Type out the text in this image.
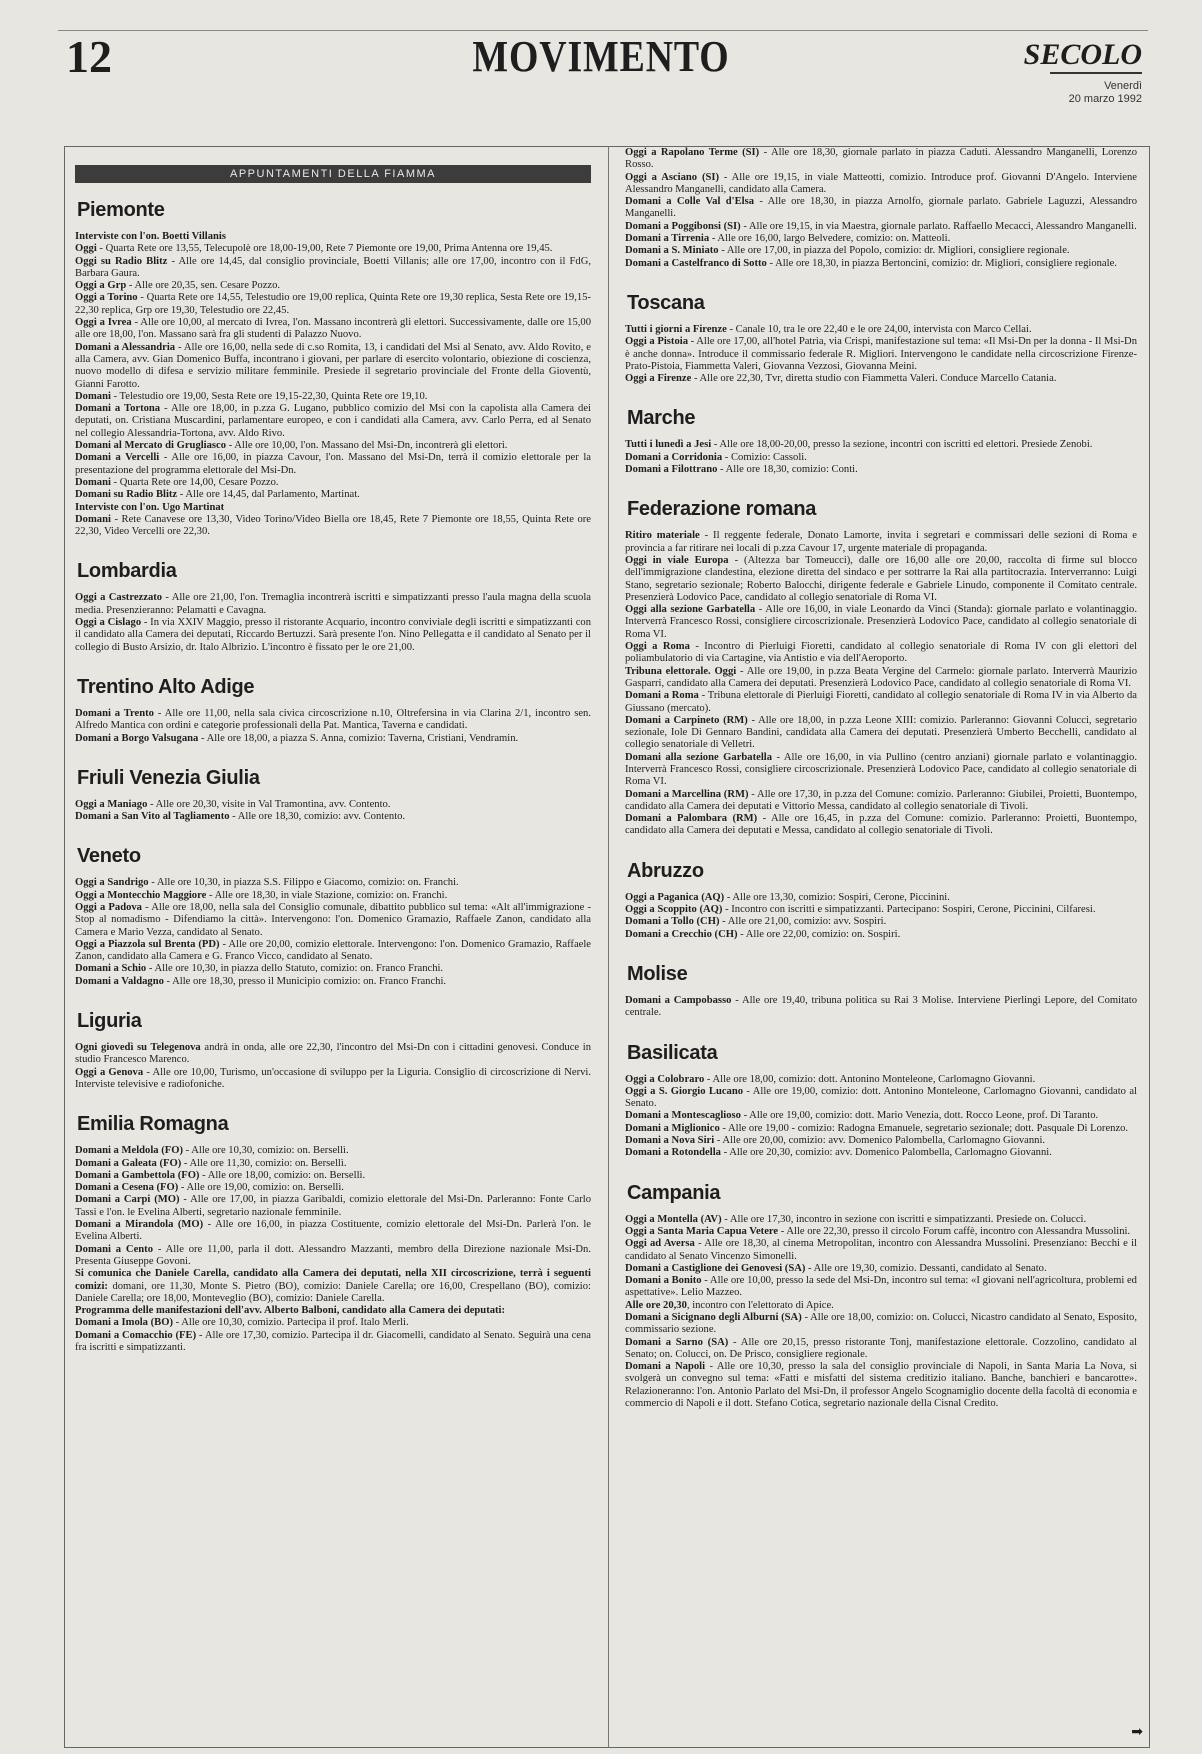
12	MOVIMENTO	SECOLO
Venerdì
20 marzo 1992
APPUNTAMENTI DELLA FIAMMA
Piemonte

Interviste con l'on. Boetti Villanis

Oggi - Quarta Rete ore 13,55, Telecupolè ore 18,00-19,00, Rete 7 Piemonte ore 19,00, Prima Antenna ore 19,45.

Oggi su Radio Blitz - Alle ore 14,45, dal consiglio provinciale, Boetti Villanis; alle ore 17,00, incontro con il FdG, Barbara Gaura.

Oggi a Grp - Alle ore 20,35, sen. Cesare Pozzo.

Oggi a Torino - Quarta Rete ore 14,55, Telestudio ore 19,00 replica, Quinta Rete ore 19,30 replica, Sesta Rete ore 19,15-22,30 replica, Grp ore 19,30, Telestudio ore 22,45.

Oggi a Ivrea - Alle ore 10,00, al mercato di Ivrea, l'on. Massano incontrerà gli elettori. Successivamente, dalle ore 15,00 alle ore 18,00, l'on. Massano sarà fra gli studenti di Palazzo Nuovo.

Domani a Alessandria - Alle ore 16,00, nella sede di c.so Romita, 13, i candidati del Msi al Senato, avv. Aldo Rovito, e alla Camera, avv. Gian Domenico Buffa, incontrano i giovani, per parlare di esercito volontario, obiezione di coscienza, nuovo modello di difesa e servizio militare femminile. Presiede il segretario provinciale del Fronte della Gioventù, Gianni Farotto.

Domani - Telestudio ore 19,00, Sesta Rete ore 19,15-22,30, Quinta Rete ore 19,10.

Domani a Tortona - Alle ore 18,00, in p.zza G. Lugano, pubblico comizio del Msi con la capolista alla Camera dei deputati, on. Cristiana Muscardini, parlamentare europeo, e con i candidati alla Camera, avv. Carlo Perra, ed al Senato nel collegio Alessandria-Tortona, avv. Aldo Rivo.

Domani al Mercato di Grugliasco - Alle ore 10,00, l'on. Massano del Msi-Dn, incontrerà gli elettori.

Domani a Vercelli - Alle ore 16,00, in piazza Cavour, l'on. Massano del Msi-Dn, terrà il comizio elettorale per la presentazione del programma elettorale del Msi-Dn.

Domani - Quarta Rete ore 14,00, Cesare Pozzo.

Domani su Radio Blitz - Alle ore 14,45, dal Parlamento, Martinat.

Interviste con l'on. Ugo Martinat

Domani - Rete Canavese ore 13,30, Video Torino/Video Biella ore 18,45, Rete 7 Piemonte ore 18,55, Quinta Rete ore 22,30, Video Vercelli ore 22,30.

Lombardia

Oggi a Castrezzato - Alle ore 21,00, l'on. Tremaglia incontrerà iscritti e simpatizzanti presso l'aula magna della scuola media. Presenzieranno: Pelamatti e Cavagna.

Oggi a Cislago - In via XXIV Maggio, presso il ristorante Acquario, incontro conviviale degli iscritti e simpatizzanti con il candidato alla Camera dei deputati, Riccardo Bertuzzi. Sarà presente l'on. Nino Pellegatta e il candidato al Senato per il collegio di Busto Arsizio, dr. Italo Albrizio. L'incontro è fissato per le ore 21,00.

Trentino Alto Adige

Domani a Trento - Alle ore 11,00, nella sala civica circoscrizione n.10, Oltrefersina in via Clarina 2/1, incontro sen. Alfredo Mantica con ordini e categorie professionali della Pat. Mantica, Taverna e candidati.

Domani a Borgo Valsugana - Alle ore 18,00, a piazza S. Anna, comizio: Taverna, Cristiani, Vendramin.

Friuli Venezia Giulia

Oggi a Maniago - Alle ore 20,30, visite in Val Tramontina, avv. Contento.

Domani a San Vito al Tagliamento - Alle ore 18,30, comizio: avv. Contento.

Veneto

Oggi a Sandrigo - Alle ore 10,30, in piazza S.S. Filippo e Giacomo, comizio: on. Franchi.

Oggi a Montecchio Maggiore - Alle ore 18,30, in viale Stazione, comizio: on. Franchi.

Oggi a Padova - Alle ore 18,00, nella sala del Consiglio comunale, dibattito pubblico sul tema: «Alt all'immigrazione - Stop al nomadismo - Difendiamo la città». Intervengono: l'on. Domenico Gramazio, Raffaele Zanon, candidato alla Camera e Mario Vezza, candidato al Senato.

Oggi a Piazzola sul Brenta (PD) - Alle ore 20,00, comizio elettorale. Intervengono: l'on. Domenico Gramazio, Raffaele Zanon, candidato alla Camera e G. Franco Vicco, candidato al Senato.

Domani a Schio - Alle ore 10,30, in piazza dello Statuto, comizio: on. Franco Franchi.

Domani a Valdagno - Alle ore 18,30, presso il Municipio comizio: on. Franco Franchi.

Liguria

Ogni giovedì su Telegenova andrà in onda, alle ore 22,30, l'incontro del Msi-Dn con i cittadini genovesi. Conduce in studio Francesco Marenco.

Oggi a Genova - Alle ore 10,00, Turismo, un'occasione di sviluppo per la Liguria. Consiglio di circoscrizione di Nervi. Interviste televisive e radiofoniche.

Emilia Romagna

Domani a Meldola (FO) - Alle ore 10,30, comizio: on. Bersellì.

Domani a Galeata (FO) - Alle ore 11,30, comizio: on. Bersellì.

Domani a Gambettola (FO) - Alle ore 18,00, comizio: on. Bersellì.

Domani a Cesena (FO) - Alle ore 19,00, comizio: on. Bersellì.

Domani a Carpi (MO) - Alle ore 17,00, in piazza Garibaldi, comizio elettorale del Msi-Dn. Parleranno: Fonte Carlo Tassi e l'on. le Evelina Alberti, segretario nazionale femminile.

Domani a Mirandola (MO) - Alle ore 16,00, in piazza Costituente, comizio elettorale del Msi-Dn. Parlerà l'on. le Evelina Alberti.

Domani a Cento - Alle ore 11,00, parla il dott. Alessandro Mazzanti, membro della Direzione nazionale Msi-Dn. Presenta Giuseppe Govoni.

Si comunica che Daniele Carella, candidato alla Camera dei deputati, nella XII circoscrizione, terrà i seguenti comizi: domani, ore 11,30, Monte S. Pietro (BO), comizio: Daniele Carella; ore 16,00, Crespellano (BO), comizio: Daniele Carella; ore 18,00, Monteveglio (BO), comizio: Daniele Carella.

Programma delle manifestazioni dell'avv. Alberto Balboni, candidato alla Camera dei deputati:

Domani a Imola (BO) - Alle ore 10,30, comizio. Partecipa il prof. Italo Merli.

Domani a Comacchio (FE) - Alle ore 17,30, comizio. Partecipa il dr. Giacomelli, candidato al Senato. Seguirà una cena fra iscritti e simpatizzanti.

Oggi a Rapolano Terme (SI) - Alle ore 18,30, giornale parlato in piazza Caduti. Alessandro Manganelli, Lorenzo Rosso.

Oggi a Asciano (SI) - Alle ore 19,15, in viale Matteotti, comizio. Introduce prof. Giovanni D'Angelo. Interviene Alessandro Manganelli, candidato alla Camera.

Domani a Colle Val d'Elsa - Alle ore 18,30, in piazza Arnolfo, giornale parlato. Gabriele Laguzzi, Alessandro Manganelli.

Domani a Poggibonsi (SI) - Alle ore 19,15, in via Maestra, giornale parlato. Raffaello Mecacci, Alessandro Manganelli.

Domani a Tirrenia - Alle ore 16,00, largo Belvedere, comizio: on. Matteoli.

Domani a S. Miniato - Alle ore 17,00, in piazza del Popolo, comizio: dr. Migliori, consigliere regionale.

Domani a Castelfranco di Sotto - Alle ore 18,30, in piazza Bertoncini, comizio: dr. Migliori, consigliere regionale.

Toscana

Tutti i giorni a Firenze - Canale 10, tra le ore 22,40 e le ore 24,00, intervista con Marco Cellai.

Oggi a Pistoia - Alle ore 17,00, all'hotel Patria, via Crispi, manifestazione sul tema: «Il Msi-Dn per la donna - Il Msi-Dn è anche donna». Introduce il commissario federale R. Migliori. Intervengono le candidate nella circoscrizione Firenze-Prato-Pistoia, Fiammetta Valeri, Giovanna Vezzosi, Giovanna Meini.

Oggi a Firenze - Alle ore 22,30, Tvr, diretta studio con Fiammetta Valeri. Conduce Marcello Catania.

Marche

Tutti i lunedì a Jesi - Alle ore 18,00-20,00, presso la sezione, incontri con iscritti ed elettori. Presiede Zenobi.

Domani a Corridonia - Comizio: Cassoli.

Domani a Filottrano - Alle ore 18,30, comizio: Conti.

Federazione romana

Ritiro materiale - Il reggente federale, Donato Lamorte, invita i segretari e commissari delle sezioni di Roma e provincia a far ritirare nei locali di p.zza Cavour 17, urgente materiale di propaganda.

Oggi in viale Europa - (Altezza bar Tomeucci), dalle ore 16,00 alle ore 20,00, raccolta di firme sul blocco dell'immigrazione clandestina, elezione diretta del sindaco e per sottrarre la Rai alla partitocrazia. Interverranno: Luigi Stano, segretario sezionale; Roberto Balocchi, dirigente federale e Gabriele Linudo, componente il Comitato centrale. Presenzierà Lodovico Pace, candidato al collegio senatoriale di Roma VI.

Oggi alla sezione Garbatella - Alle ore 16,00, in viale Leonardo da Vinci (Standa): giornale parlato e volantinaggio. Interverrà Francesco Rossi, consigliere circoscrizionale. Presenzierà Lodovico Pace, candidato al collegio senatoriale di Roma VI.

Oggi a Roma - Incontro di Pierluigi Fioretti, candidato al collegio senatoriale di Roma IV con gli elettori del poliambulatorio di via Cartagine, via Antistio e via dell'Aeroporto.

Tribuna elettorale. Oggi - Alle ore 19,00, in p.zza Beata Vergine del Carmelo: giornale parlato. Interverrà Maurizio Gasparri, candidato alla Camera dei deputati. Presenzierà Lodovico Pace, candidato al collegio senatoriale di Roma VI.

Domani a Roma - Tribuna elettorale di Pierluigi Fioretti, candidato al collegio senatoriale di Roma IV in via Alberto da Giussano (mercato).

Domani a Carpineto (RM) - Alle ore 18,00, in p.zza Leone XIII: comizio. Parleranno: Giovanni Colucci, segretario sezionale, Iole Di Gennaro Bandini, candidata alla Camera dei deputati. Presenzierà Umberto Becchelli, candidato al collegio senatoriale di Velletri.

Domani alla sezione Garbatella - Alle ore 16,00, in via Pullino (centro anziani) giornale parlato e volantinaggio. Interverrà Francesco Rossi, consigliere circoscrizionale. Presenzierà Lodovico Pace, candidato al collegio senatoriale di Roma VI.

Domani a Marcellina (RM) - Alle ore 17,30, in p.zza del Comune: comizio. Parleranno: Giubilei, Proietti, Buontempo, candidato alla Camera dei deputati e Vittorio Messa, candidato al collegio senatoriale di Tivoli.

Domani a Palombara (RM) - Alle ore 16,45, in p.zza del Comune: comizio. Parleranno: Proietti, Buontempo, candidato alla Camera dei deputati e Messa, candidato al collegio senatoriale di Tivoli.

Abruzzo

Oggi a Paganica (AQ) - Alle ore 13,30, comizio: Sospiri, Cerone, Piccinini.

Oggi a Scoppito (AQ) - Incontro con iscritti e simpatizzanti. Partecipano: Sospiri, Cerone, Piccinini, Cilfaresi.

Domani a Tollo (CH) - Alle ore 21,00, comizio: avv. Sospiri.

Domani a Crecchio (CH) - Alle ore 22,00, comizio: on. Sospiri.

Molise

Domani a Campobasso - Alle ore 19,40, tribuna politica su Rai 3 Molise. Interviene Pierlingi Lepore, del Comitato centrale.

Basilicata

Oggi a Colobraro - Alle ore 18,00, comizio: dott. Antonino Monteleone, Carlomagno Giovanni.

Oggi a S. Giorgio Lucano - Alle ore 19,00, comizio: dott. Antonino Monteleone, Carlomagno Giovanni, candidato al Senato.

Domani a Montescaglioso - Alle ore 19,00, comizio: dott. Mario Venezia, dott. Rocco Leone, prof. Di Taranto.

Domani a Miglionico - Alle ore 19,00 - comizio: Radogna Emanuele, segretario sezionale; dott. Pasquale Di Lorenzo.

Domani a Nova Siri - Alle ore 20,00, comizio: avv. Domenico Palombella, Carlomagno Giovanni.

Domani a Rotondella - Alle ore 20,30, comizio: avv. Domenico Palombella, Carlomagno Giovanni.

Campania

Oggi a Montella (AV) - Alle ore 17,30, incontro in sezione con iscritti e simpatizzanti. Presiede on. Colucci.

Oggi a Santa Maria Capua Vetere - Alle ore 22,30, presso il circolo Forum caffè, incontro con Alessandra Mussolini.

Oggi ad Aversa - Alle ore 18,30, al cinema Metropolitan, incontro con Alessandra Mussolini. Presenziano: Becchi e il candidato al Senato Vincenzo Simonelli.

Domani a Castiglione dei Genovesi (SA) - Alle ore 19,30, comizio. Dessanti, candidato al Senato.

Domani a Bonito - Alle ore 10,00, presso la sede del Msi-Dn, incontro sul tema: «I giovani nell'agricoltura, problemi ed aspettative». Lelio Mazzeo.

Alle ore 20,30, incontro con l'elettorato di Apice.

Domani a Sicignano degli Alburni (SA) - Alle ore 18,00, comizio: on. Colucci, Nicastro candidato al Senato, Esposito, commissario sezione.

Domani a Sarno (SA) - Alle ore 20,15, presso ristorante Tonj, manifestazione elettorale. Cozzolino, candidato al Senato; on. Colucci, on. De Prisco, consigliere regionale.

Domani a Napoli - Alle ore 10,30, presso la sala del consiglio provinciale di Napoli, in Santa Maria La Nova, si svolgerà un convegno sul tema: «Fatti e misfatti del sistema creditizio italiano. Banche, banchieri e bancarotte». Relazioneranno: l'on. Antonio Parlato del Msi-Dn, il professor Angelo Scognamiglio docente della facoltà di economia e commercio di Napoli e il dott. Stefano Cotica, segretario nazionale della Cisnal Credito.

➡
